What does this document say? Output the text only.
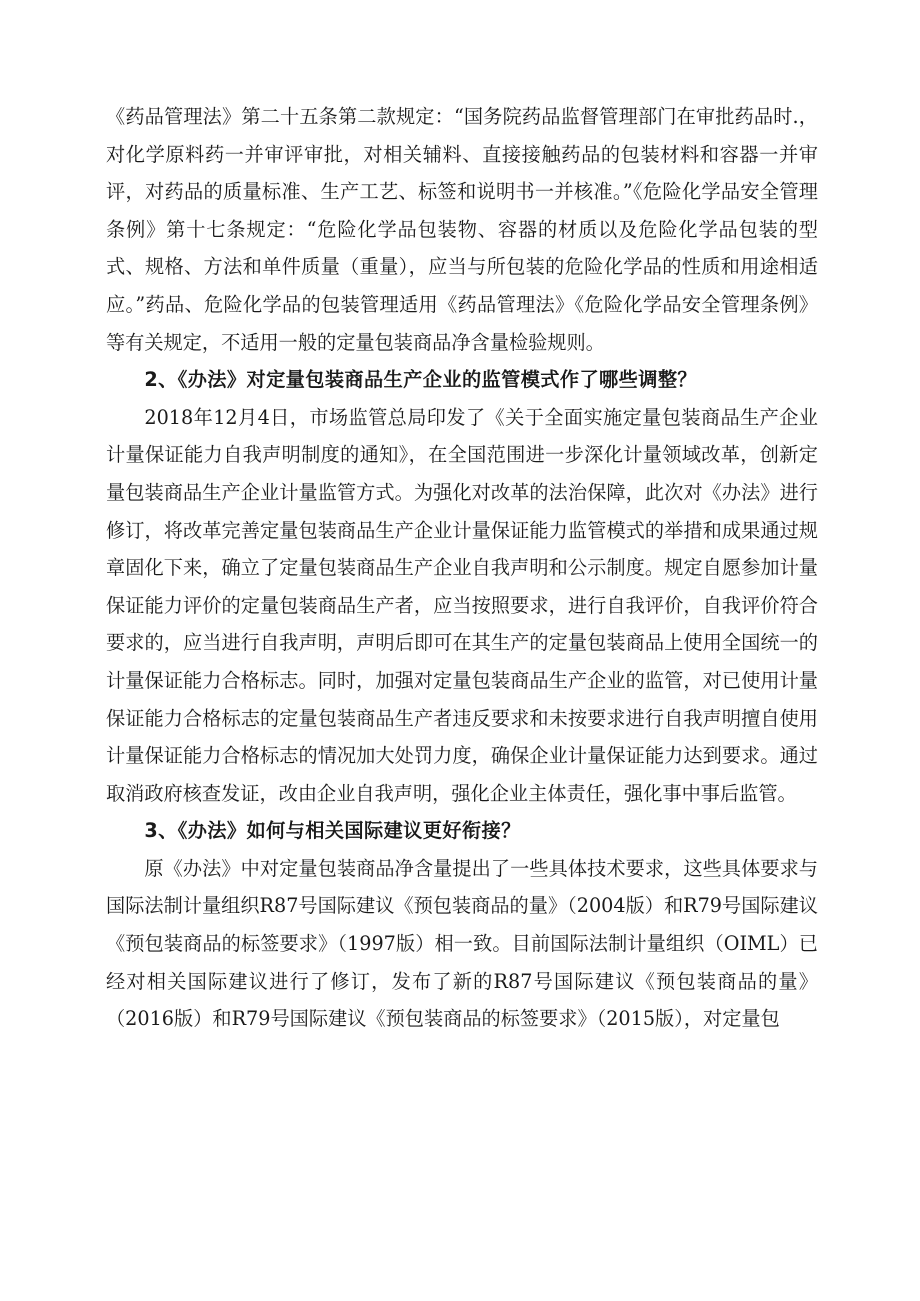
《药品管理法》第二十五条第二款规定：“国务院药品监督管理部门在审批药品时.，对化学原料药一并审评审批，对相关辅料、直接接触药品的包装材料和容器一并审评，对药品的质量标准、生产工艺、标签和说明书一并核准。”《危险化学品安全管理条例》第十七条规定：“危险化学品包装物、容器的材质以及危险化学品包装的型式、规格、方法和单件质量（重量），应当与所包装的危险化学品的性质和用途相适应。”药品、危险化学品的包装管理适用《药品管理法》《危险化学品安全管理条例》等有关规定，不适用一般的定量包装商品净含量检验规则。

2、《办法》对定量包装商品生产企业的监管模式作了哪些调整？

2018年12月4日，市场监管总局印发了《关于全面实施定量包装商品生产企业计量保证能力自我声明制度的通知》，在全国范围进一步深化计量领域改革，创新定量包装商品生产企业计量监管方式。为强化对改革的法治保障，此次对《办法》进行修订，将改革完善定量包装商品生产企业计量保证能力监管模式的举措和成果通过规章固化下来，确立了定量包装商品生产企业自我声明和公示制度。规定自愿参加计量保证能力评价的定量包装商品生产者，应当按照要求，进行自我评价，自我评价符合要求的，应当进行自我声明，声明后即可在其生产的定量包装商品上使用全国统一的计量保证能力合格标志。同时，加强对定量包装商品生产企业的监管，对已使用计量保证能力合格标志的定量包装商品生产者违反要求和未按要求进行自我声明擅自使用计量保证能力合格标志的情况加大处罚力度，确保企业计量保证能力达到要求。通过取消政府核查发证，改由企业自我声明，强化企业主体责任，强化事中事后监管。

3、《办法》如何与相关国际建议更好衔接？

原《办法》中对定量包装商品净含量提出了一些具体技术要求，这些具体要求与国际法制计量组织R87号国际建议《预包装商品的量》（2004版）和R79号国际建议《预包装商品的标签要求》（1997版）相一致。目前国际法制计量组织（OIML）已经对相关国际建议进行了修订，发布了新的R87号国际建议《预包装商品的量》（2016版）和R79号国际建议《预包装商品的标签要求》（2015版），对定量包
